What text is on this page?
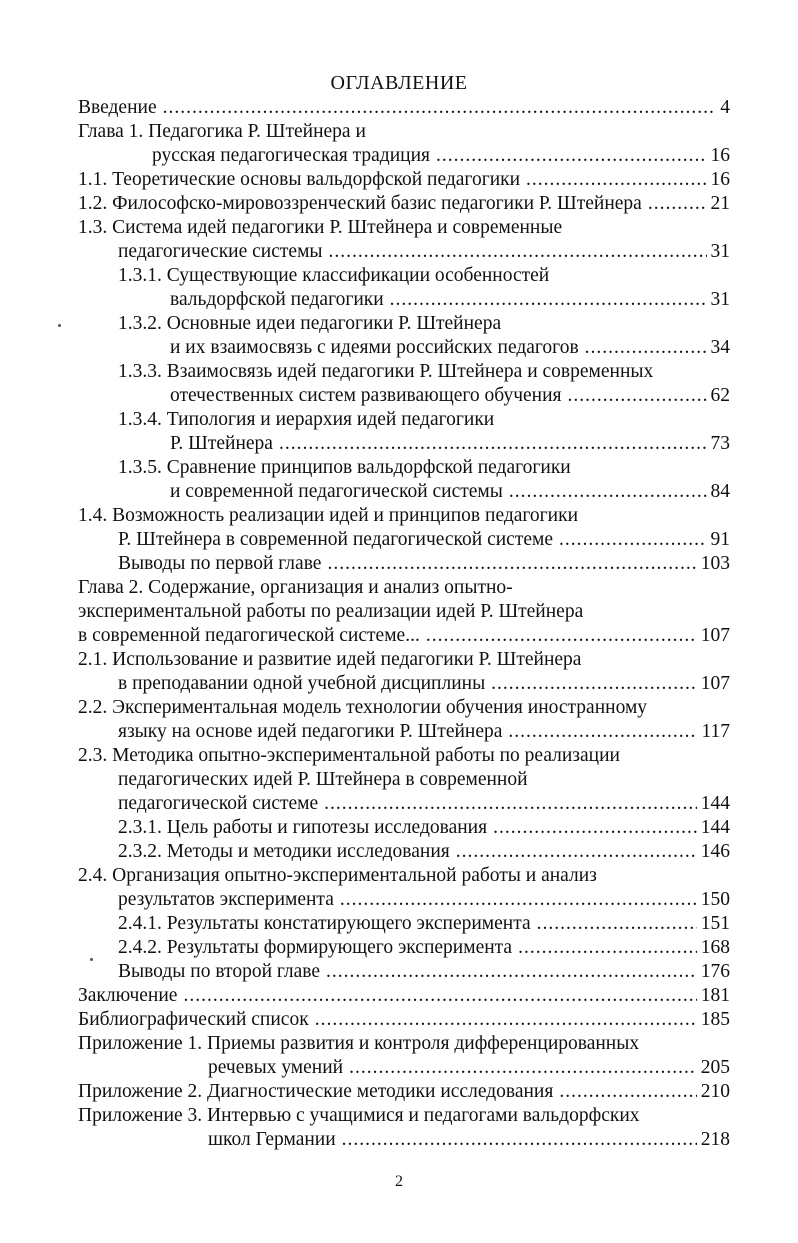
ОГЛАВЛЕНИЕ
Введение .....	4
Глава 1. Педагогика Р. Штейнера и
русская педагогическая традиция .....	16
1.1. Теоретические основы вальдорфской педагогики .....	16
1.2. Философско-мировоззренческий базис педагогики Р. Штейнера .....	21
1.3. Система идей педагогики Р. Штейнера и современные
педагогические системы .....	31
1.3.1. Существующие классификации особенностей
вальдорфской педагогики .....	31
1.3.2. Основные идеи педагогики Р. Штейнера
и их взаимосвязь с идеями российских педагогов .....	34
1.3.3. Взаимосвязь идей педагогики Р. Штейнера и современных
отечественных систем развивающего обучения .....	62
1.3.4. Типология и иерархия идей педагогики
Р. Штейнера .....	73
1.3.5. Сравнение принципов вальдорфской педагогики
и современной педагогической системы .....	84
1.4. Возможность реализации идей и принципов педагогики
Р. Штейнера в современной педагогической системе .....	91
Выводы по первой главе .....	103
Глава 2. Содержание, организация и анализ опытно-
экспериментальной работы по реализации идей Р. Штейнера
в современной педагогической системе... .....	107
2.1. Использование и развитие идей педагогики Р. Штейнера
в преподавании одной учебной дисциплины .....	107
2.2. Экспериментальная модель технологии обучения иностранному
языку на основе идей педагогики Р. Штейнера .....	117
2.3. Методика опытно-экспериментальной работы по реализации
педагогических идей Р. Штейнера в современной
педагогической системе .....	144
2.3.1. Цель работы и гипотезы исследования .....	144
2.3.2. Методы и методики исследования .....	146
2.4. Организация опытно-экспериментальной работы и анализ
результатов эксперимента .....	150
2.4.1. Результаты констатирующего эксперимента .....	151
2.4.2. Результаты формирующего эксперимента .....	168
Выводы по второй главе .....	176
Заключение .....	181
Библиографический список .....	185
Приложение 1. Приемы развития и контроля дифференцированных
речевых умений .....	205
Приложение 2. Диагностические методики исследования .....	210
Приложение 3. Интервью с учащимися и педагогами вальдорфских
школ Германии .....	218
2
